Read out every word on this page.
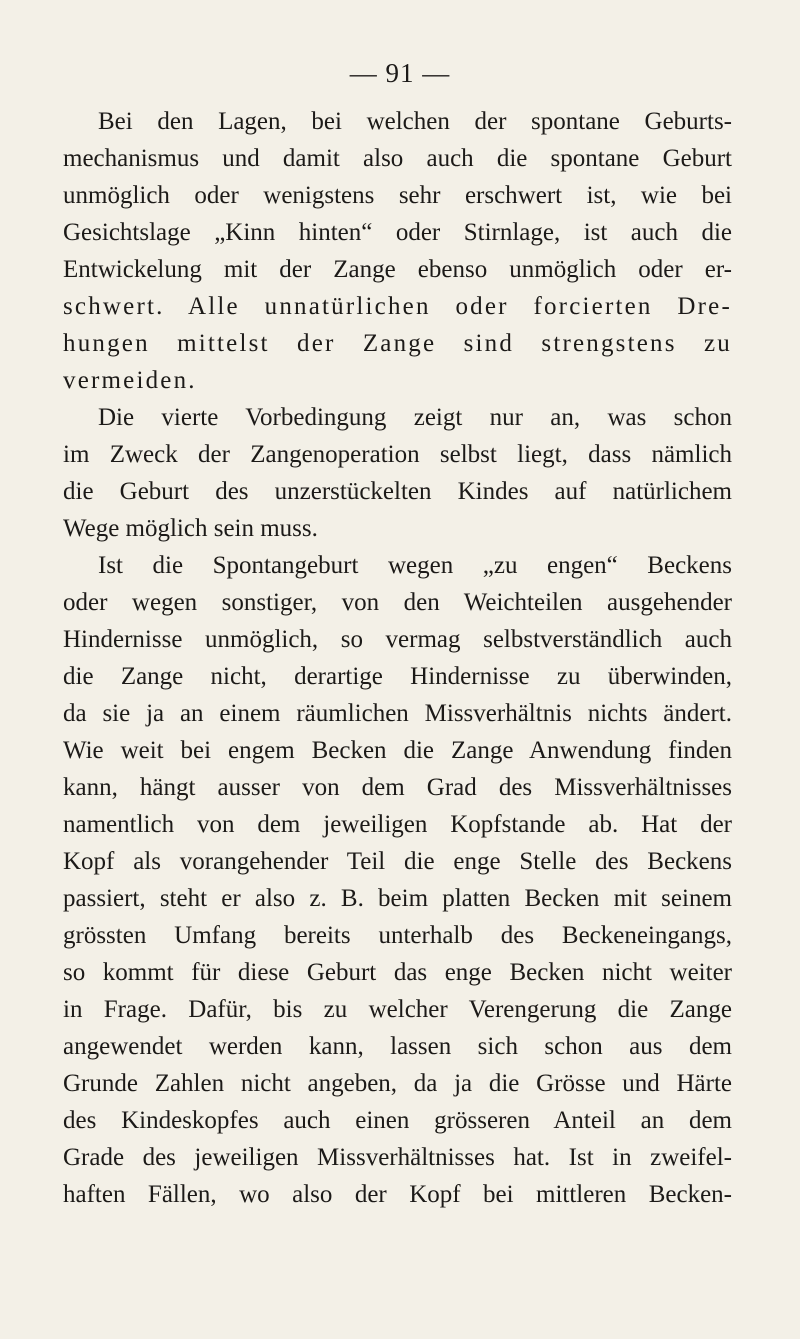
— 91 —
Bei den Lagen, bei welchen der spontane Geburts-
mechanismus und damit also auch die spontane Geburt
unmöglich oder wenigstens sehr erschwert ist, wie bei
Gesichtslage „Kinn hinten“ oder Stirnlage, ist auch die
Entwickelung mit der Zange ebenso unmöglich oder er-
schwert. Alle unnatürlichen oder forcierten Dre-
hungen mittelst der Zange sind strengstens zu
vermeiden.
Die vierte Vorbedingung zeigt nur an, was schon
im Zweck der Zangenoperation selbst liegt, dass nämlich
die Geburt des unzerstückelten Kindes auf natürlichem
Wege möglich sein muss.
Ist die Spontangeburt wegen „zu engen“ Beckens
oder wegen sonstiger, von den Weichteilen ausgehender
Hindernisse unmöglich, so vermag selbstverständlich auch
die Zange nicht, derartige Hindernisse zu überwinden,
da sie ja an einem räumlichen Missverhältnis nichts ändert.
Wie weit bei engem Becken die Zange Anwendung finden
kann, hängt ausser von dem Grad des Missverhältnisses
namentlich von dem jeweiligen Kopfstande ab. Hat der
Kopf als vorangehender Teil die enge Stelle des Beckens
passiert, steht er also z. B. beim platten Becken mit seinem
grössten Umfang bereits unterhalb des Beckeneingangs,
so kommt für diese Geburt das enge Becken nicht weiter
in Frage. Dafür, bis zu welcher Verengerung die Zange
angewendet werden kann, lassen sich schon aus dem
Grunde Zahlen nicht angeben, da ja die Grösse und Härte
des Kindeskopfes auch einen grösseren Anteil an dem
Grade des jeweiligen Missverhältnisses hat. Ist in zweifel-
haften Fällen, wo also der Kopf bei mittleren Becken-
